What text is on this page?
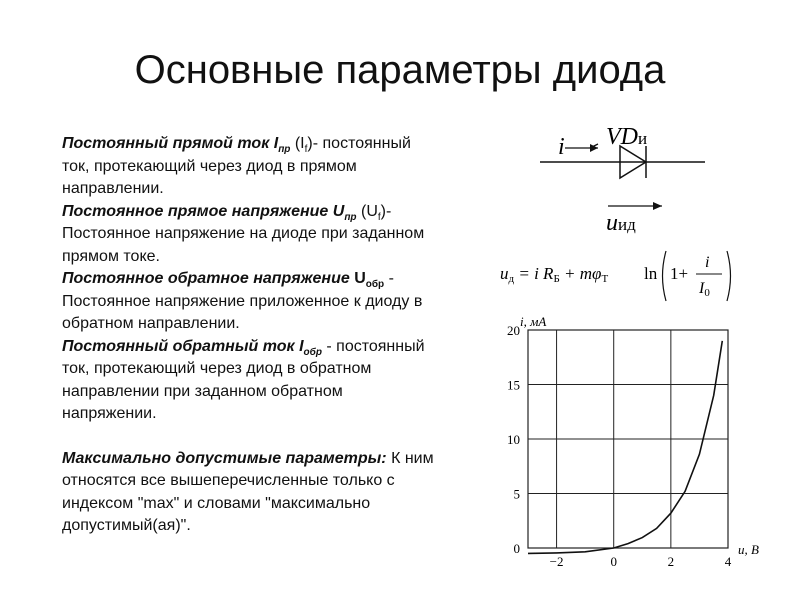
Основные параметры диода

Постоянный прямой ток $I_{пр}$ $(I_f)-$ постоянный ток, протекающий через диод в прямом направлении.

Постоянное прямое напряжение $U_{пр}$ $(U_f)-$ Постоянное напряжение на диоде при заданном прямом токе.

Постоянное обратное напряжение $U_{обр}$ - Постоянное напряжение приложенное к диоду в обратном направлении.

Постоянный обратный ток $I_{обр}$ - постоянный ток, протекающий через диод в обратном направлении при заданном обратном напряжении.

Максимально допустимые параметры: К ним относятся все вышеперечисленные только с индексом "max" и словами "максимально допустимый(ая)".

i VDи
uид
uд = i RБ + mφT ln 1+
i
I0
−2	0	2	4
0
5
10
15
20
i, мА
u, В
